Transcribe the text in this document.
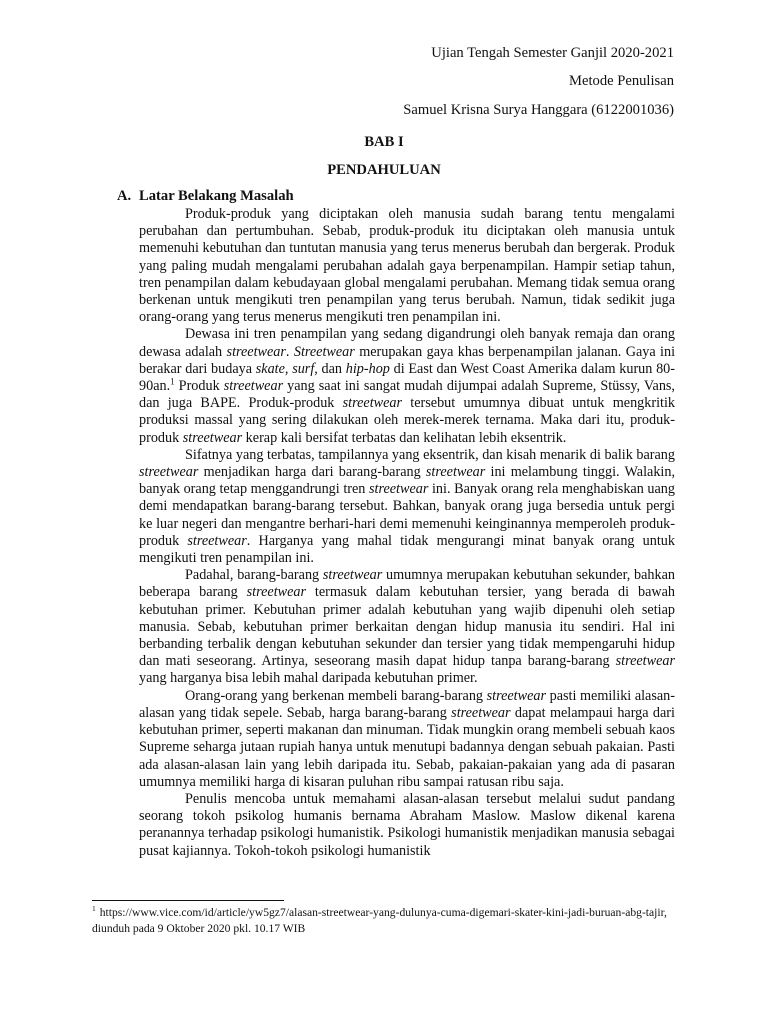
Ujian Tengah Semester Ganjil 2020-2021
Metode Penulisan
Samuel Krisna Surya Hanggara (6122001036)
BAB I
PENDAHULUAN
A. Latar Belakang Masalah

Produk-produk yang diciptakan oleh manusia sudah barang tentu mengalami perubahan dan pertumbuhan. Sebab, produk-produk itu diciptakan oleh manusia untuk memenuhi kebutuhan dan tuntutan manusia yang terus menerus berubah dan bergerak. Produk yang paling mudah mengalami perubahan adalah gaya berpenampilan. Hampir setiap tahun, tren penampilan dalam kebudayaan global mengalami perubahan. Memang tidak semua orang berkenan untuk mengikuti tren penampilan yang terus berubah. Namun, tidak sedikit juga orang-orang yang terus menerus mengikuti tren penampilan ini.

Dewasa ini tren penampilan yang sedang digandrungi oleh banyak remaja dan orang dewasa adalah streetwear. Streetwear merupakan gaya khas berpenampilan jalanan. Gaya ini berakar dari budaya skate, surf, dan hip-hop di East dan West Coast Amerika dalam kurun 80-90an.$^1$ Produk streetwear yang saat ini sangat mudah dijumpai adalah Supreme, Stüssy, Vans, dan juga BAPE. Produk-produk streetwear tersebut umumnya dibuat untuk mengkritik produksi massal yang sering dilakukan oleh merek-merek ternama. Maka dari itu, produk-produk streetwear kerap kali bersifat terbatas dan kelihatan lebih eksentrik.

Sifatnya yang terbatas, tampilannya yang eksentrik, dan kisah menarik di balik barang streetwear menjadikan harga dari barang-barang streetwear ini melambung tinggi. Walakin, banyak orang tetap menggandrungi tren streetwear ini. Banyak orang rela menghabiskan uang demi mendapatkan barang-barang tersebut. Bahkan, banyak orang juga bersedia untuk pergi ke luar negeri dan mengantre berhari-hari demi memenuhi keinginannya memperoleh produk-produk streetwear. Harganya yang mahal tidak mengurangi minat banyak orang untuk mengikuti tren penampilan ini.

Padahal, barang-barang streetwear umumnya merupakan kebutuhan sekunder, bahkan beberapa barang streetwear termasuk dalam kebutuhan tersier, yang berada di bawah kebutuhan primer. Kebutuhan primer adalah kebutuhan yang wajib dipenuhi oleh setiap manusia. Sebab, kebutuhan primer berkaitan dengan hidup manusia itu sendiri. Hal ini berbanding terbalik dengan kebutuhan sekunder dan tersier yang tidak mempengaruhi hidup dan mati seseorang. Artinya, seseorang masih dapat hidup tanpa barang-barang streetwear yang harganya bisa lebih mahal daripada kebutuhan primer.

Orang-orang yang berkenan membeli barang-barang streetwear pasti memiliki alasan-alasan yang tidak sepele. Sebab, harga barang-barang streetwear dapat melampaui harga dari kebutuhan primer, seperti makanan dan minuman. Tidak mungkin orang membeli sebuah kaos Supreme seharga jutaan rupiah hanya untuk menutupi badannya dengan sebuah pakaian. Pasti ada alasan-alasan lain yang lebih daripada itu. Sebab, pakaian-pakaian yang ada di pasaran umumnya memiliki harga di kisaran puluhan ribu sampai ratusan ribu saja.

Penulis mencoba untuk memahami alasan-alasan tersebut melalui sudut pandang seorang tokoh psikolog humanis bernama Abraham Maslow. Maslow dikenal karena peranannya terhadap psikologi humanistik. Psikologi humanistik menjadikan manusia sebagai pusat kajiannya. Tokoh-tokoh psikologi humanistik

$^1$ https://www.vice.com/id/article/yw5gz7/alasan-streetwear-yang-dulunya-cuma-digemari-skater-kini-jadi-buruan-abg-tajir, diunduh pada 9 Oktober 2020 pkl. 10.17 WIB
